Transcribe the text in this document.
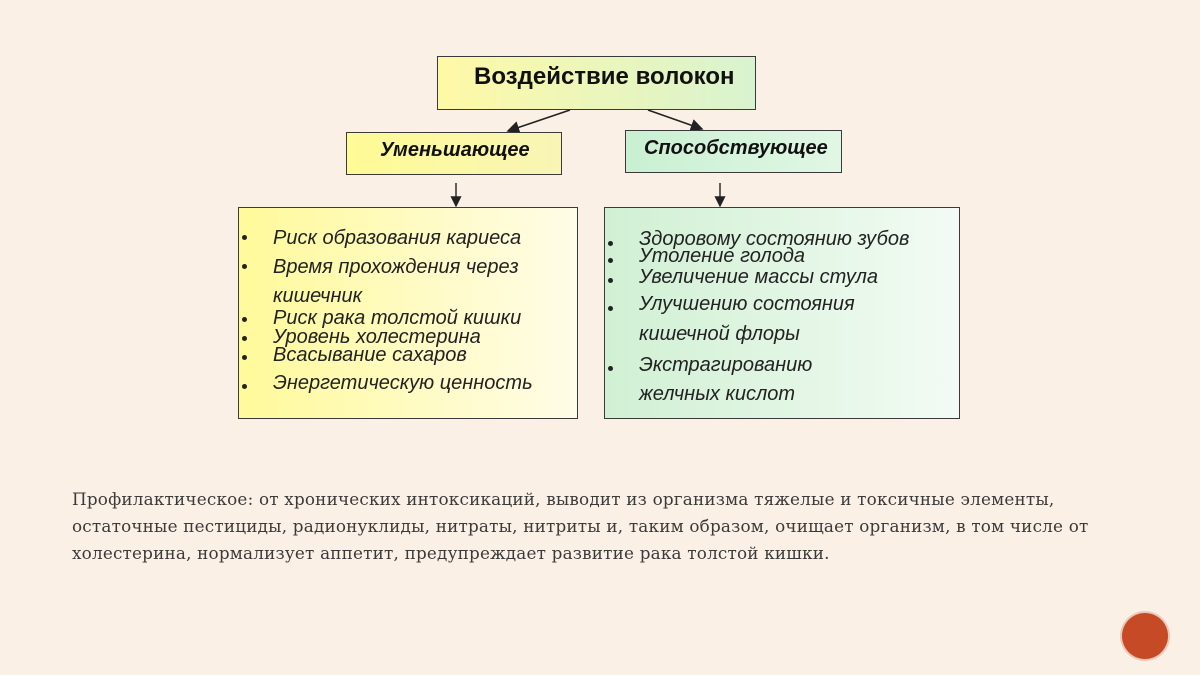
Воздействие волокон
Уменьшающее	Способствующее
Риск образования кариеса
Время прохождения через
кишечник
Риск рака толстой кишки
Уровень холестерина
Всасывание сахаров
Энергетическую ценность
Здоровому состоянию зубов
Утоление голода
Увеличение массы стула
Улучшению состояния
кишечной флоры
Экстрагированию
желчных кислот
Профилактическое: от хронических интоксикаций, выводит из организма тяжелые и токсичные элементы, остаточные пестициды, радионуклиды, нитраты, нитриты и, таким образом, очищает организм, в том числе от холестерина, нормализует аппетит, предупреждает развитие рака толстой кишки.
